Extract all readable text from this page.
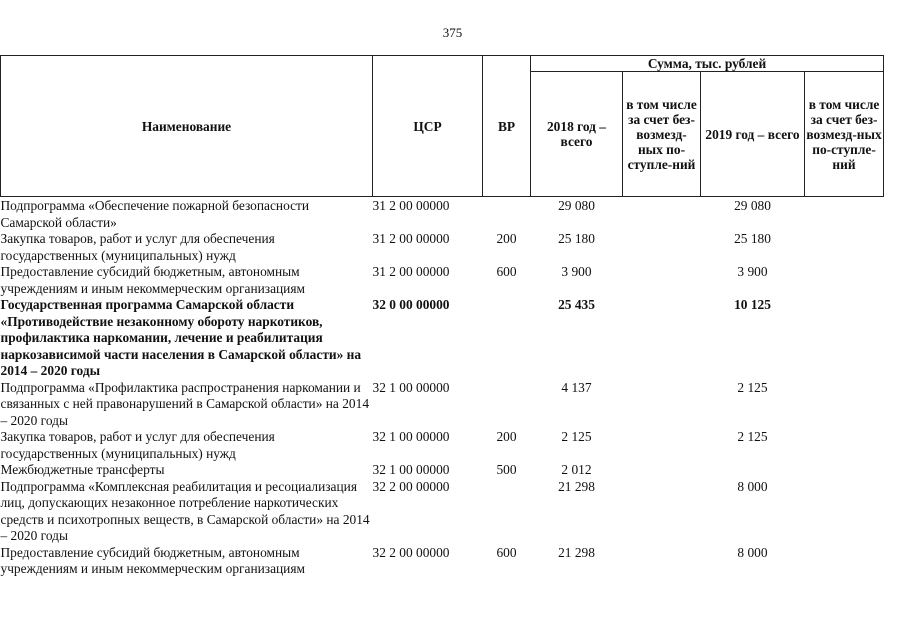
375
Наименование	ЦСР	ВР	Сумма, тыс. рублей			
			2018 год – всего	в том числе за счет без-возмезд-ных по-ступле-ний	2019 год – всего	в том числе за счет без-возмезд-ных по-ступле-ний
Подпрограмма «Обеспечение пожарной безопасности Самарской области»	31 2 00 00000		29 080		29 080	
Закупка товаров, работ и услуг для обеспечения государственных (муниципальных) нужд	31 2 00 00000	200	25 180		25 180	
Предоставление субсидий бюджетным, автономным учреждениям и иным некоммерческим организациям	31 2 00 00000	600	3 900		3 900	
Государственная программа Самарской области «Противодействие незаконному обороту наркотиков, профилактика наркомании, лечение и реабилитация наркозависимой части населения в Самарской области» на 2014 – 2020 годы	32 0 00 00000		25 435		10 125	
Подпрограмма «Профилактика распространения наркомании и связанных с ней правонарушений в Самарской области» на 2014 – 2020 годы	32 1 00 00000		4 137		2 125	
Закупка товаров, работ и услуг для обеспечения государственных (муниципальных) нужд	32 1 00 00000	200	2 125		2 125	
Межбюджетные трансферты	32 1 00 00000	500	2 012			
Подпрограмма «Комплексная реабилитация и ресоциализация лиц, допускающих незаконное потребление наркотических средств и психотропных веществ, в Самарской области» на 2014 – 2020 годы	32 2 00 00000		21 298		8 000	
Предоставление субсидий бюджетным, автономным учреждениям и иным некоммерческим организациям	32 2 00 00000	600	21 298		8 000	
